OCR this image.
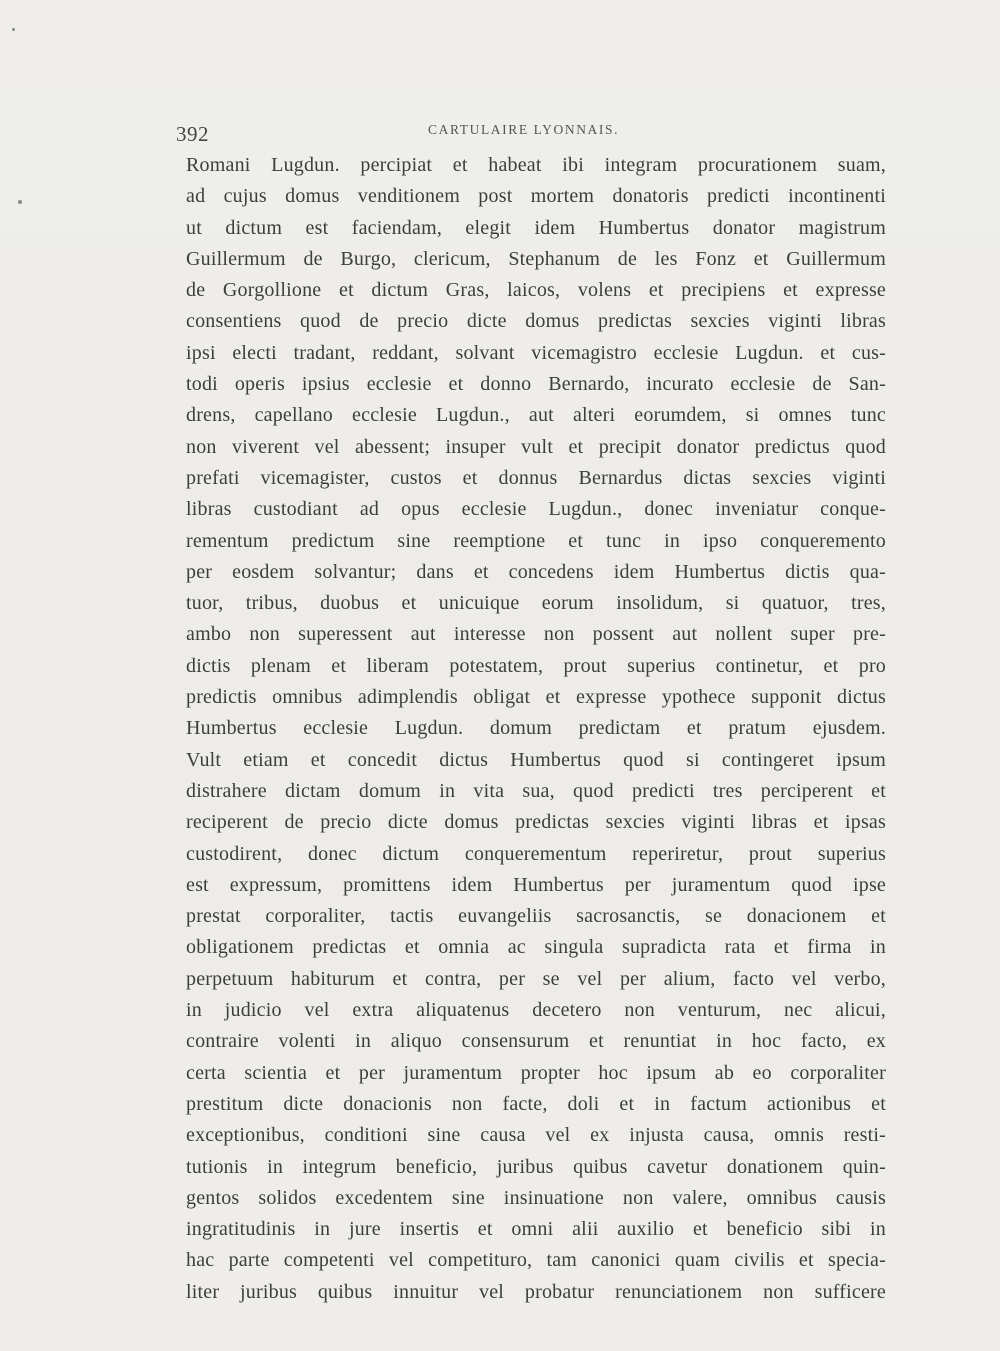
392	CARTULAIRE LYONNAIS.
Romani Lugdun. percipiat et habeat ibi integram procurationem suam,
ad cujus domus venditionem post mortem donatoris predicti incontinenti
ut dictum est faciendam, elegit idem Humbertus donator magistrum
Guillermum de Burgo, clericum, Stephanum de les Fonz et Guillermum
de Gorgollione et dictum Gras, laicos, volens et precipiens et expresse
consentiens quod de precio dicte domus predictas sexcies viginti libras
ipsi electi tradant, reddant, solvant vicemagistro ecclesie Lugdun. et cus-
todi operis ipsius ecclesie et donno Bernardo, incurato ecclesie de San-
drens, capellano ecclesie Lugdun., aut alteri eorumdem, si omnes tunc
non viverent vel abessent; insuper vult et precipit donator predictus quod
prefati vicemagister, custos et donnus Bernardus dictas sexcies viginti
libras custodiant ad opus ecclesie Lugdun., donec inveniatur conque-
rementum predictum sine reemptione et tunc in ipso conqueremento
per eosdem solvantur; dans et concedens idem Humbertus dictis qua-
tuor, tribus, duobus et unicuique eorum insolidum, si quatuor, tres,
ambo non superessent aut interesse non possent aut nollent super pre-
dictis plenam et liberam potestatem, prout superius continetur, et pro
predictis omnibus adimplendis obligat et expresse ypothece supponit dictus
Humbertus ecclesie Lugdun. domum predictam et pratum ejusdem.
Vult etiam et concedit dictus Humbertus quod si contingeret ipsum
distrahere dictam domum in vita sua, quod predicti tres perciperent et
reciperent de precio dicte domus predictas sexcies viginti libras et ipsas
custodirent, donec dictum conquerementum reperiretur, prout superius
est expressum, promittens idem Humbertus per juramentum quod ipse
prestat corporaliter, tactis euvangeliis sacrosanctis, se donacionem et
obligationem predictas et omnia ac singula supradicta rata et firma in
perpetuum habiturum et contra, per se vel per alium, facto vel verbo,
in judicio vel extra aliquatenus decetero non venturum, nec alicui,
contraire volenti in aliquo consensurum et renuntiat in hoc facto, ex
certa scientia et per juramentum propter hoc ipsum ab eo corporaliter
prestitum dicte donacionis non facte, doli et in factum actionibus et
exceptionibus, conditioni sine causa vel ex injusta causa, omnis resti-
tutionis in integrum beneficio, juribus quibus cavetur donationem quin-
gentos solidos excedentem sine insinuatione non valere, omnibus causis
ingratitudinis in jure insertis et omni alii auxilio et beneficio sibi in
hac parte competenti vel competituro, tam canonici quam civilis et specia-
liter juribus quibus innuitur vel probatur renunciationem non sufficere
